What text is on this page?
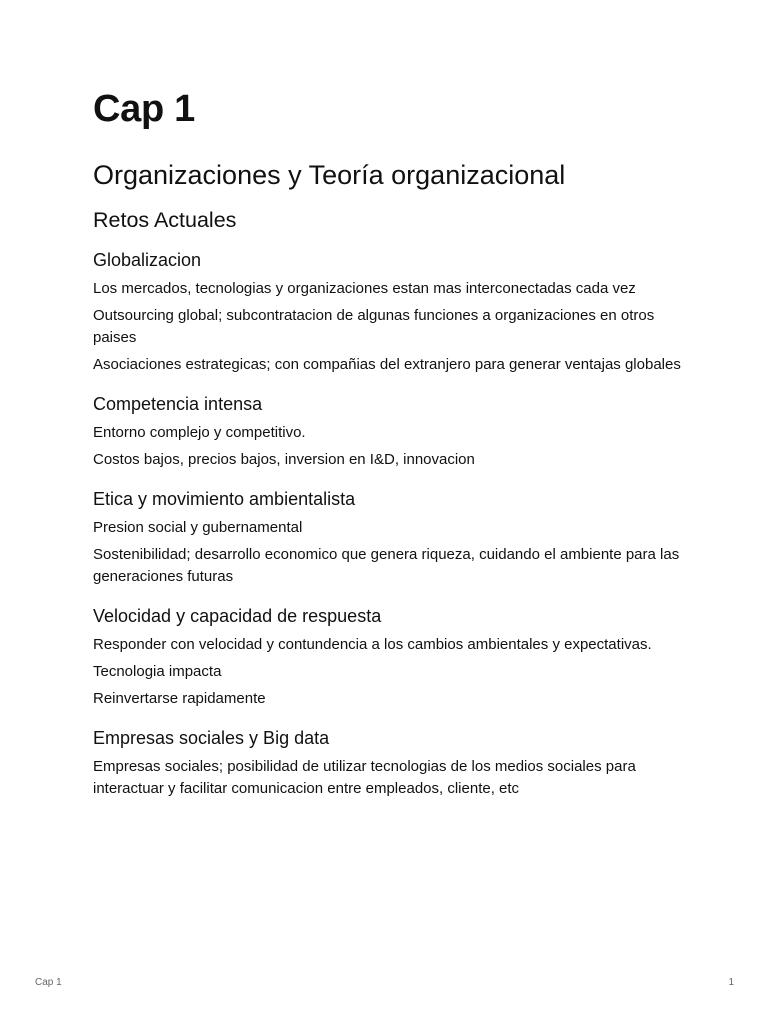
Cap 1
Organizaciones y Teoría organizacional
Retos Actuales
Globalizacion

Los mercados, tecnologias y organizaciones estan mas interconectadas cada vez

Outsourcing global; subcontratacion de algunas funciones a organizaciones en otros paises

Asociaciones estrategicas; con compañias del extranjero para generar ventajas globales

Competencia intensa

Entorno complejo y competitivo.

Costos bajos, precios bajos, inversion en I&D, innovacion

Etica y movimiento ambientalista

Presion social y gubernamental

Sostenibilidad; desarrollo economico que genera riqueza, cuidando el ambiente para las generaciones futuras

Velocidad y capacidad de respuesta

Responder con velocidad y contundencia a los cambios ambientales y expectativas.

Tecnologia impacta

Reinvertarse rapidamente

Empresas sociales y Big data

Empresas sociales; posibilidad de utilizar tecnologias de los medios sociales para interactuar y facilitar comunicacion entre empleados, cliente, etc

Cap 1	1
